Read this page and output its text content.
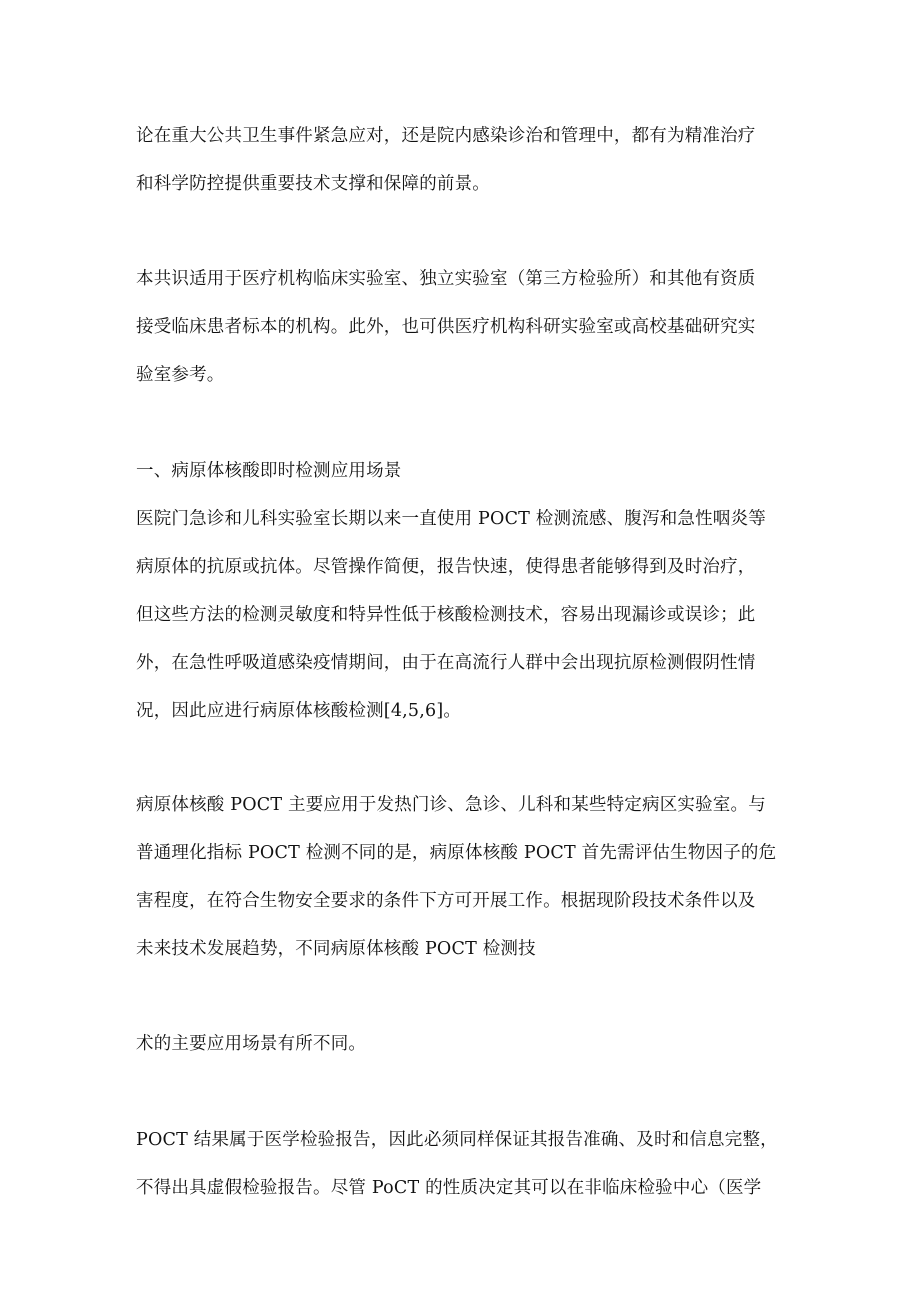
论在重大公共卫生事件紧急应对，还是院内感染诊治和管理中，都有为精准治疗
和科学防控提供重要技术支撑和保障的前景。

本共识适用于医疗机构临床实验室、独立实验室（第三方检验所）和其他有资质
接受临床患者标本的机构。此外，也可供医疗机构科研实验室或高校基础研究实
验室参考。

一、病原体核酸即时检测应用场景

医院门急诊和儿科实验室长期以来一直使用 POCT 检测流感、腹泻和急性咽炎等
病原体的抗原或抗体。尽管操作简便，报告快速，使得患者能够得到及时治疗，
但这些方法的检测灵敏度和特异性低于核酸检测技术，容易出现漏诊或误诊；此
外，在急性呼吸道感染疫情期间，由于在高流行人群中会出现抗原检测假阴性情
况，因此应进行病原体核酸检测[4,5,6]。

病原体核酸 POCT 主要应用于发热门诊、急诊、儿科和某些特定病区实验室。与
普通理化指标 POCT 检测不同的是，病原体核酸 POCT 首先需评估生物因子的危
害程度，在符合生物安全要求的条件下方可开展工作。根据现阶段技术条件以及
未来技术发展趋势，不同病原体核酸 POCT 检测技

术的主要应用场景有所不同。

POCT 结果属于医学检验报告，因此必须同样保证其报告准确、及时和信息完整，
不得出具虚假检验报告。尽管 PoCT 的性质决定其可以在非临床检验中心（医学
